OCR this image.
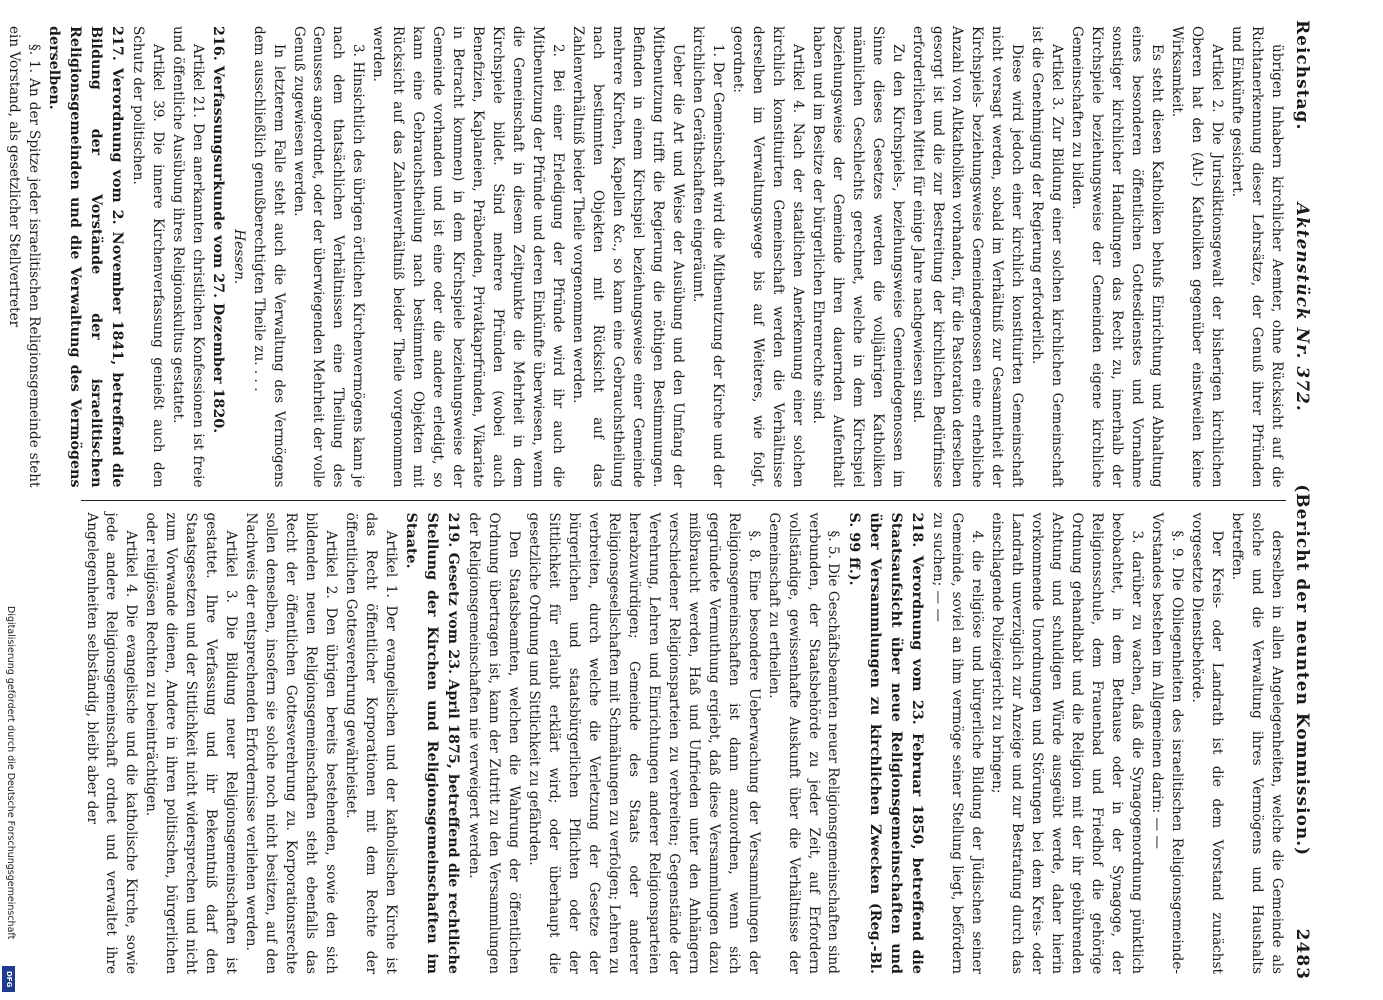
Digitalisierung gefördert durch die Deutsche Forschungsgemeinschaft
DFG
Reichstag.
Aktenstück Nr. 372.
(Bericht der neunten Kommission.)
2483

übrigen Inhabern kirchlicher Aemter, ohne Rücksicht auf die Richtanerkennung dieser Lehrsätze, der Genuß ihrer Pfründen und Einkünfte gesichert.

Artikel 2. Die Jurisdiktionsgewalt der bisherigen kirchlichen Oberen hat den (Alt-) Katholiken gegenüber einstweilen keine Wirksamkeit.

Es steht diesen Katholiken behufs Einrichtung und Abhaltung eines besonderen öffentlichen Gottesdienstes und Vornahme sonstiger kirchlicher Handlungen das Recht zu, innerhalb der Kirchspiele beziehungsweise der Gemeinden eigene kirchliche Gemeinschaften zu bilden.

Artikel 3. Zur Bildung einer solchen kirchlichen Gemeinschaft ist die Genehmigung der Regierung erforderlich.

Diese wird jedoch einer kirchlich konstituirten Gemeinschaft nicht versagt werden, sobald im Verhältniß zur Gesammtheit der Kirchspiels- beziehungsweise Gemeindegenossen eine erhebliche Anzahl von Altkatholiken vorhanden, für die Pastoration derselben gesorgt ist und die zur Bestreitung der kirchlichen Bedürfnisse erforderlichen Mittel für einige Jahre nachgewiesen sind.

Zu den Kirchspiels-, beziehungsweise Gemeindegenossen im Sinne dieses Gesetzes werden die volljährigen Katholiken männlichen Geschlechts gerechnet, welche in dem Kirchspiel beziehungsweise der Gemeinde ihren dauernden Aufenthalt haben und im Besitze der bürgerlichen Ehrenrechte sind.

Artikel 4. Nach der staatlichen Anerkennung einer solchen kirchlich konstituirten Gemeinschaft werden die Verhältnisse derselben im Verwaltungswege bis auf Weiteres, wie folgt, geordnet:

1. Der Gemeinschaft wird die Mitbenutzung der Kirche und der kirchlichen Geräthschaften eingeräumt.

Ueber die Art und Weise der Ausübung und den Umfang der Mitbenutzung trifft die Regierung die nöthigen Bestimmungen. Befinden in einem Kirchspiel beziehungsweise einer Gemeinde mehrere Kirchen, Kapellen &c., so kann eine Gebrauchstheilung nach bestimmten Objekten mit Rücksicht auf das Zahlenverhältniß beider Theile vorgenommen werden.

2. Bei einer Erledigung der Pfründe wird ihr auch die Mitbenutzung der Pfründe und deren Einkünfte überwiesen, wenn die Gemeinschaft in diesem Zeitpunkte die Mehrheit in dem Kirchspiele bildet. Sind mehrere Pfründen (wobei auch Benefizien, Kaplaneien, Präbenden, Privatkaprfründen, Vikariate in Betracht kommen) in dem Kirchspiele beziehungsweise der Gemeinde vorhanden und ist eine oder die andere erledigt, so kann eine Gebrauchstheilung nach bestimmten Objekten mit Rücksicht auf das Zahlenverhältniß beider Theile vorgenommen werden.

3. Hinsichtlich des übrigen örtlichen Kirchenvermögens kann je nach dem thatsächlichen Verhältnissen eine Theilung des Genusses angeordnet, oder der überwiegenden Mehrheit der volle Genuß zugewiesen werden.

In letzterem Falle steht auch die Verwaltung des Vermögens dem ausschließlich genußberechtigten Theile zu. . . .

Hessen.

216. Verfassungsurkunde vom 27. Dezember 1820.

Artikel 21. Den anerkannten christlichen Konfessionen ist freie und öffentliche Ausübung ihres Religionskultus gestattet.

Artikel 39. Die innere Kirchenverfassung genießt auch den Schutz der politischen.

217. Verordnung vom 2. November 1841, betreffend die Bildung der Vorstände der israelitischen Religionsgemeinden und die Verwaltung des Vermögens derselben.

§. 1. An der Spitze jeder israelitischen Religionsgemeinde steht ein Vorstand, als gesetzlicher Stellvertreter

derselben in allen Angelegenheiten, welche die Gemeinde als solche und die Verwaltung ihres Vermögens und Haushalts betreffen.

Der Kreis- oder Landrath ist die dem Vorstand zunächst vorgesetzte Dienstbehörde.

§. 9. Die Obliegenheiten des israelitischen Religionsgemeinde-Vorstandes bestehen im Allgemeinen darin: — —

3. darüber zu wachen, daß die Synagogenordnung pünktlich beobachtet, in dem Bethause oder in der Synagoge, der Religionsschule, dem Frauenbad und Friedhof die gehörige Ordnung gehandhabt und die Religion mit der ihr gebührenden Achtung und schuldigen Würde ausgeübt werde, daher hierin vorkommende Unordnungen und Störungen bei dem Kreis- oder Landrath unverzüglich zur Anzeige und zur Bestrafung durch das einschlagende Polizeigericht zu bringen;

4. die religiöse und bürgerliche Bildung der Jüdischen seiner Gemeinde, soviel an ihm vermöge seiner Stellung liegt, befördern zu suchen; — —

218. Verordnung vom 23. Februar 1850, betreffend die Staatsaufsicht über neue Religionsgemeinschaften und über Versammlungen zu kirchlichen Zwecken (Reg.-Bl. S. 99 ff.).

§. 5. Die Geschäftsbeamten neuer Religionsgemeinschaften sind verbunden, der Staatsbehörde zu jeder Zeit, auf Erfordern vollständige, gewissenhafte Auskunft über die Verhältnisse der Gemeinschaft zu ertheilen.

§. 8. Eine besondere Ueberwachung der Versammlungen der Religionsgemeinschaften ist dann anzuordnen, wenn sich gegründete Vermuthung ergiebt, daß diese Versammlungen dazu mißbraucht werden, Haß und Unfrieden unter den Anhängern verschiedener Religionsparteien zu verbreiten; Gegenstände der Verehrung, Lehren und Einrichtungen anderer Religionsparteien herabzuwürdigen; Gemeinde des Staats oder anderer Religionsgesellschaften mit Schmähungen zu verfolgen; Lehren zu verbreiten, durch welche die Verletzung der Gesetze der bürgerlichen und staatsbürgerlichen Pflichten oder der Sittlichkeit für erlaubt erklärt wird; oder überhaupt die gesetzliche Ordnung und Sittlichkeit zu gefährden.

Den Staatsbeamten, welchen die Wahrung der öffentlichen Ordnung übertragen ist, kann der Zutritt zu den Versammlungen der Religionsgemeinschaften nie verweigert werden.

219. Gesetz vom 23. April 1875, betreffend die rechtliche Stellung der Kirchen und Religionsgemeinschaften im Staate.

Artikel 1. Der evangelischen und der katholischen Kirche ist das Recht öffentlicher Korporationen mit dem Rechte der öffentlichen Gottesverehrung gewährleistet.

Artikel 2. Den übrigen bereits bestehenden, sowie den sich bildenden neuen Religionsgemeinschaften steht ebenfalls das Recht der öffentlichen Gottesverehrung zu. Korporationsrechte sollen denselben, insofern sie solche noch nicht besitzen, auf den Nachweis der entsprechenden Erfordernisse verliehen werden.

Artikel 3. Die Bildung neuer Religionsgemeinschaften ist gestattet. Ihre Verfassung und ihr Bekenntniß darf den Staatsgesetzen und der Sittlichkeit nicht widersprechen und nicht zum Vorwande dienen, Andere in ihren politischen, bürgerlichen oder religiösen Rechten zu beeinträchtigen.

Artikel 4. Die evangelische und die katholische Kirche, sowie jede andere Religionsgemeinschaft ordnet und verwaltet ihre Angelegenheiten selbständig, bleibt aber der
